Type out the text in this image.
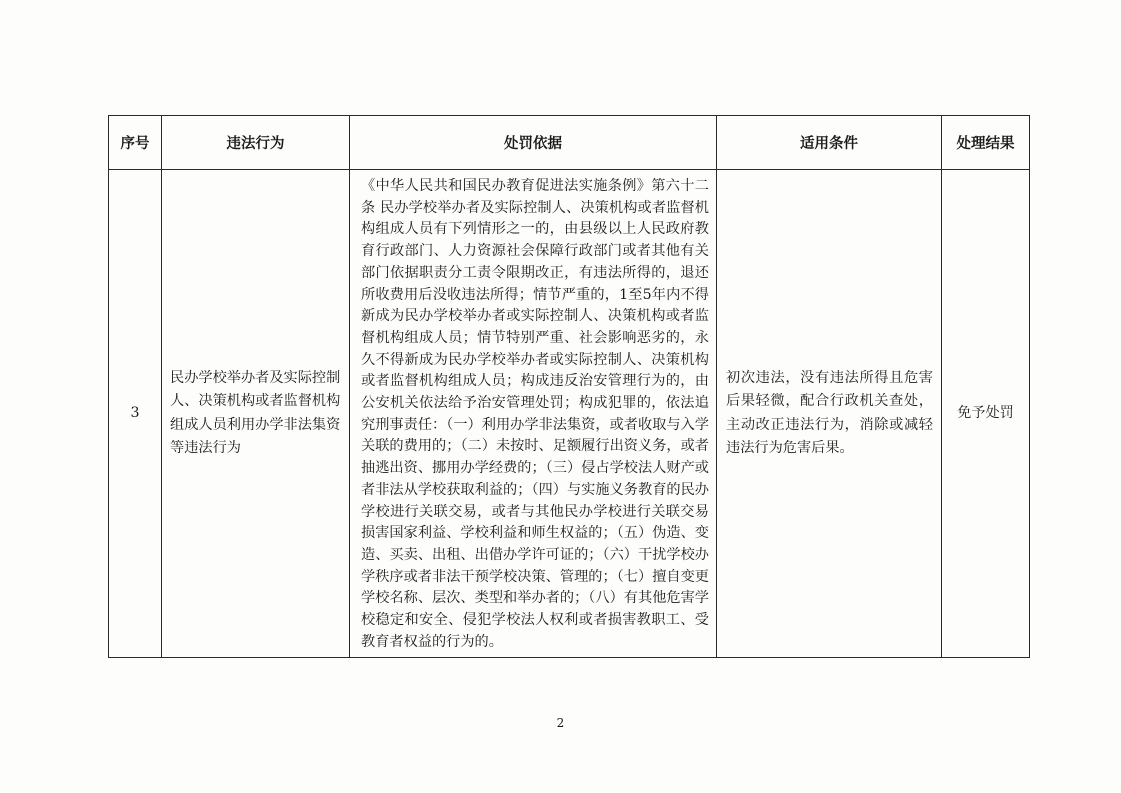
序号	违法行为	处罚依据	适用条件	处理结果
3	民办学校举办者及实际控制人、决策机构或者监督机构组成人员利用办学非法集资等违法行为	《中华人民共和国民办教育促进法实施条例》第六十二条 民办学校举办者及实际控制人、决策机构或者监督机构组成人员有下列情形之一的，由县级以上人民政府教育行政部门、人力资源社会保障行政部门或者其他有关部门依据职责分工责令限期改正，有违法所得的，退还所收费用后没收违法所得；情节严重的，1至5年内不得新成为民办学校举办者或实际控制人、决策机构或者监督机构组成人员；情节特别严重、社会影响恶劣的，永久不得新成为民办学校举办者或实际控制人、决策机构或者监督机构组成人员；构成违反治安管理行为的，由公安机关依法给予治安管理处罚；构成犯罪的，依法追究刑事责任：（一）利用办学非法集资，或者收取与入学关联的费用的；（二）未按时、足额履行出资义务，或者抽逃出资、挪用办学经费的；（三）侵占学校法人财产或者非法从学校获取利益的；（四）与实施义务教育的民办学校进行关联交易，或者与其他民办学校进行关联交易损害国家利益、学校利益和师生权益的；（五）伪造、变造、买卖、出租、出借办学许可证的；（六）干扰学校办学秩序或者非法干预学校决策、管理的；（七）擅自变更学校名称、层次、类型和举办者的；（八）有其他危害学校稳定和安全、侵犯学校法人权利或者损害教职工、受教育者权益的行为的。	初次违法，没有违法所得且危害后果轻微，配合行政机关查处，主动改正违法行为，消除或减轻违法行为危害后果。	免予处罚
2
